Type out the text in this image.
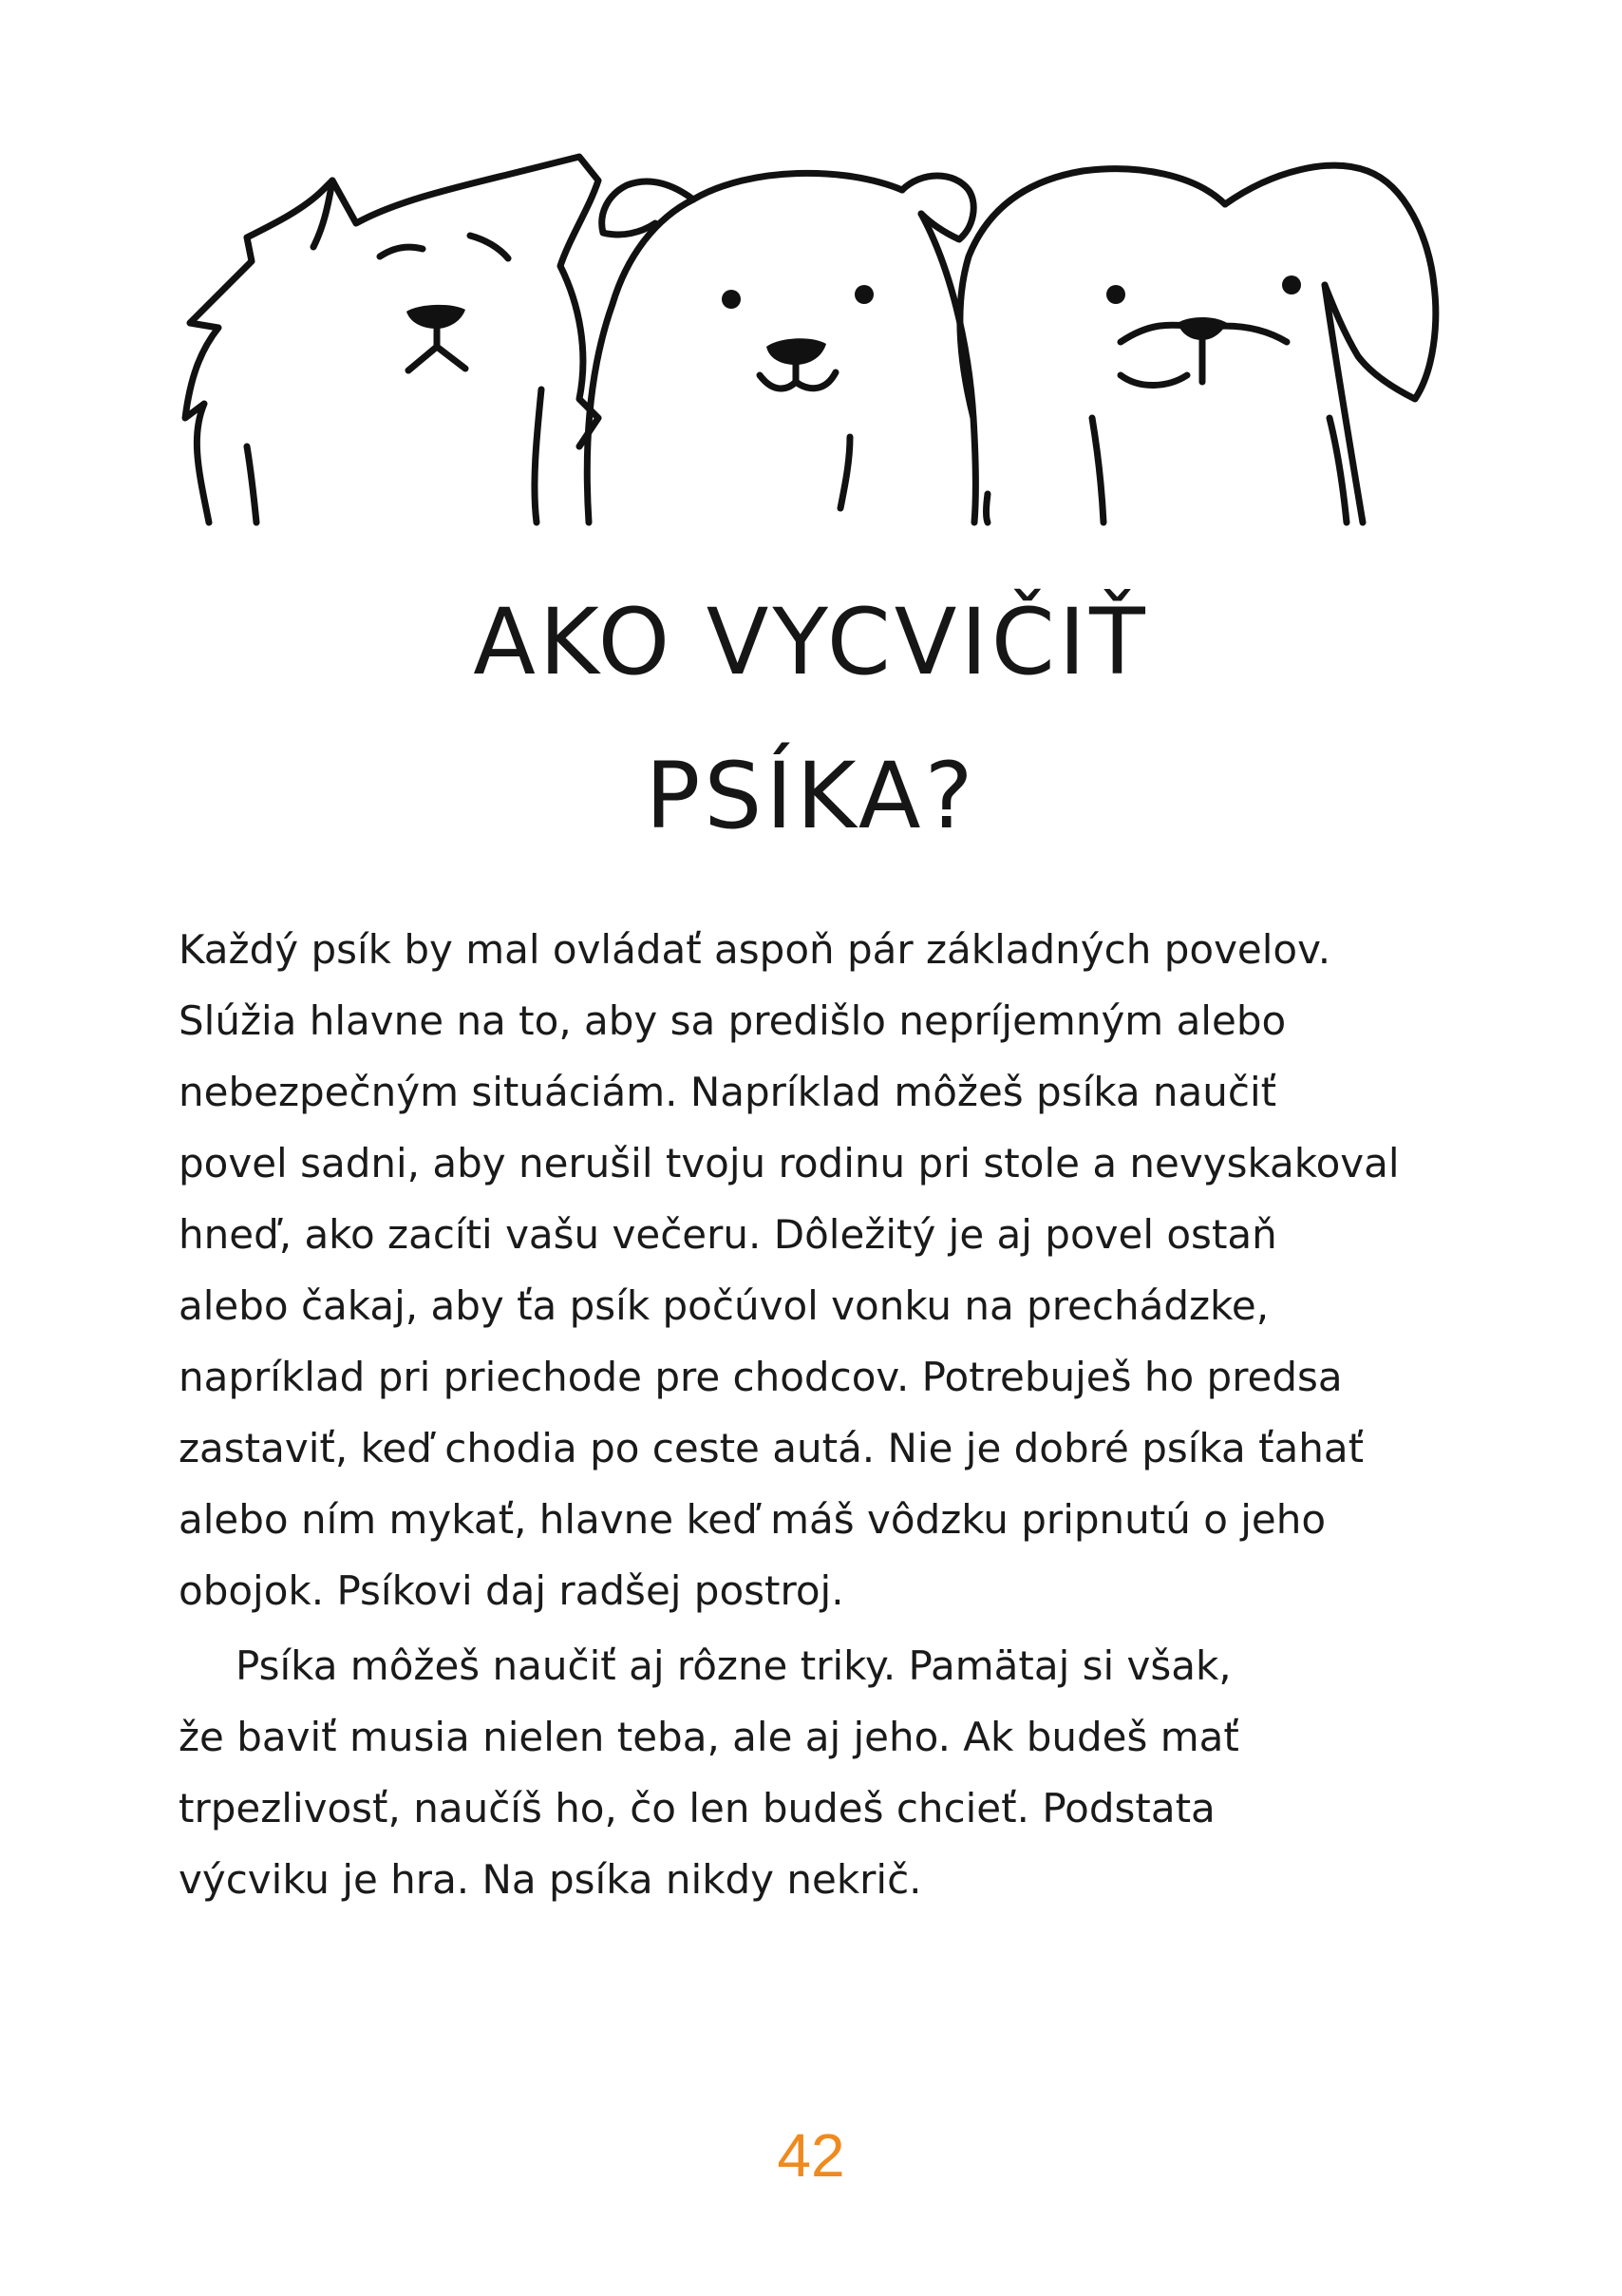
AKO VYCVIČIŤ
PSÍKA?
Každý psík by mal ovládať aspoň pár základných povelov.
Slúžia hlavne na to, aby sa predišlo nepríjemným alebo
nebezpečným situáciám. Napríklad môžeš psíka naučiť
povel sadni, aby nerušil tvoju rodinu pri stole a nevyskakoval
hneď, ako zacíti vašu večeru. Dôležitý je aj povel ostaň
alebo čakaj, aby ťa psík počúvol vonku na prechádzke,
napríklad pri priechode pre chodcov. Potrebuješ ho predsa
zastaviť, keď chodia po ceste autá. Nie je dobré psíka ťahať
alebo ním mykať, hlavne keď máš vôdzku pripnutú o jeho
obojok. Psíkovi daj radšej postroj.
Psíka môžeš naučiť aj rôzne triky. Pamätaj si však,
že baviť musia nielen teba, ale aj jeho. Ak budeš mať
trpezlivosť, naučíš ho, čo len budeš chcieť. Podstata
výcviku je hra. Na psíka nikdy nekrič.
42
